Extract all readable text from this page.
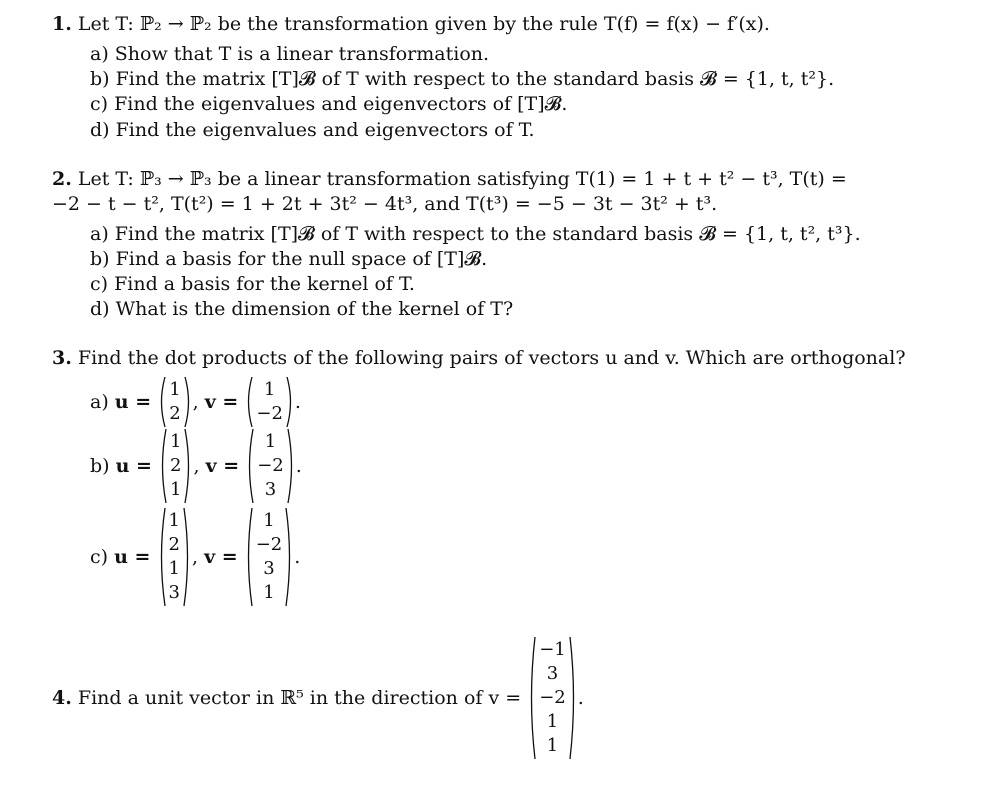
1. Let T: ℙ₂ → ℙ₂ be the transformation given by the rule T(f) = f(x) − f′(x).
a) Show that T is a linear transformation.
b) Find the matrix [T]𝓑 of T with respect to the standard basis 𝓑 = {1, t, t²}.
c) Find the eigenvalues and eigenvectors of [T]𝓑.
d) Find the eigenvalues and eigenvectors of T.
2. Let T: ℙ₃ → ℙ₃ be a linear transformation satisfying T(1) = 1 + t + t² − t³, T(t) =
−2 − t − t², T(t²) = 1 + 2t + 3t² − 4t³, and T(t³) = −5 − 3t − 3t² + t³.
a) Find the matrix [T]𝓑 of T with respect to the standard basis 𝓑 = {1, t, t², t³}.
b) Find a basis for the null space of [T]𝓑.
c) Find a basis for the kernel of T.
d) What is the dimension of the kernel of T?
3. Find the dot products of the following pairs of vectors u and v. Which are orthogonal?
a)
u =

1
2
,
v =

1
−2
.
b)
u =

1
2
1
,
v =

1
−2
3
.
c)
u =

1
2
1
3
,
v =

1
−2
3
1
.
4.
Find a unit vector in ℝ⁵ in the direction of v =

−1
3
−2
1
1
.
